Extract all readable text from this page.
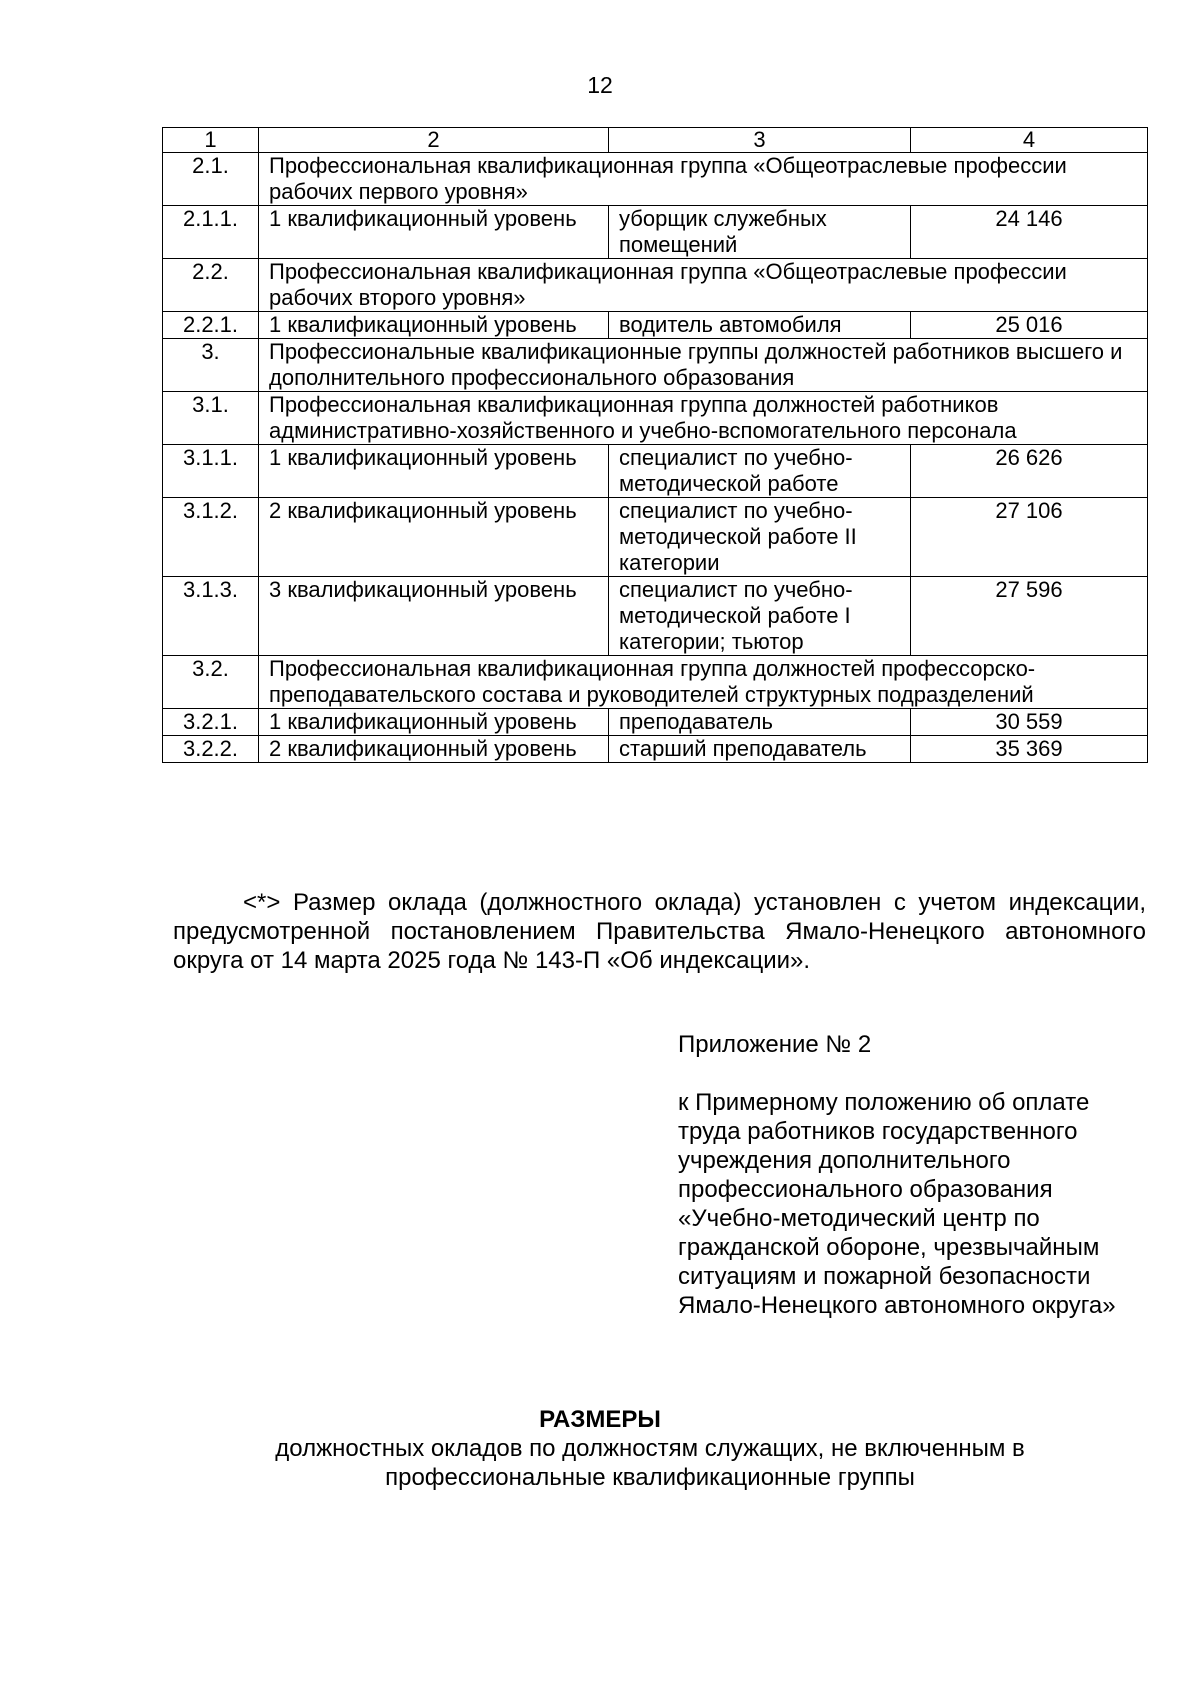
12
1	2	3	4
2.1.	Профессиональная квалификационная группа «Общеотраслевые профессии рабочих первого уровня»		
2.1.1.	1 квалификационный уровень	уборщик служебных помещений	24 146
2.2.	Профессиональная квалификационная группа «Общеотраслевые профессии рабочих второго уровня»		
2.2.1.	1 квалификационный уровень	водитель автомобиля	25 016
3.	Профессиональные квалификационные группы должностей работников высшего и дополнительного профессионального образования		
3.1.	Профессиональная квалификационная группа должностей работников административно-хозяйственного и учебно-вспомогательного персонала		
3.1.1.	1 квалификационный уровень	специалист по учебно-методической работе	26 626
3.1.2.	2 квалификационный уровень	специалист по учебно-методической работе II категории	27 106
3.1.3.	3 квалификационный уровень	специалист по учебно-методической работе I категории; тьютор	27 596
3.2.	Профессиональная квалификационная группа должностей профессорско-преподавательского состава и руководителей структурных подразделений		
3.2.1.	1 квалификационный уровень	преподаватель	30 559
3.2.2.	2 квалификационный уровень	старший преподаватель	35 369
<*> Размер оклада (должностного оклада) установлен с учетом индексации, предусмотренной постановлением Правительства Ямало-Ненецкого автономного округа от 14 марта 2025 года № 143-П «Об индексации».
Приложение № 2
к Примерному положению об оплате труда работников государственного учреждения дополнительного профессионального образования «Учебно-методический центр по гражданской обороне, чрезвычайным ситуациям и пожарной безопасности Ямало-Ненецкого автономного округа»
РАЗМЕРЫ
должностных окладов по должностям служащих, не включенным в профессиональные квалификационные группы
